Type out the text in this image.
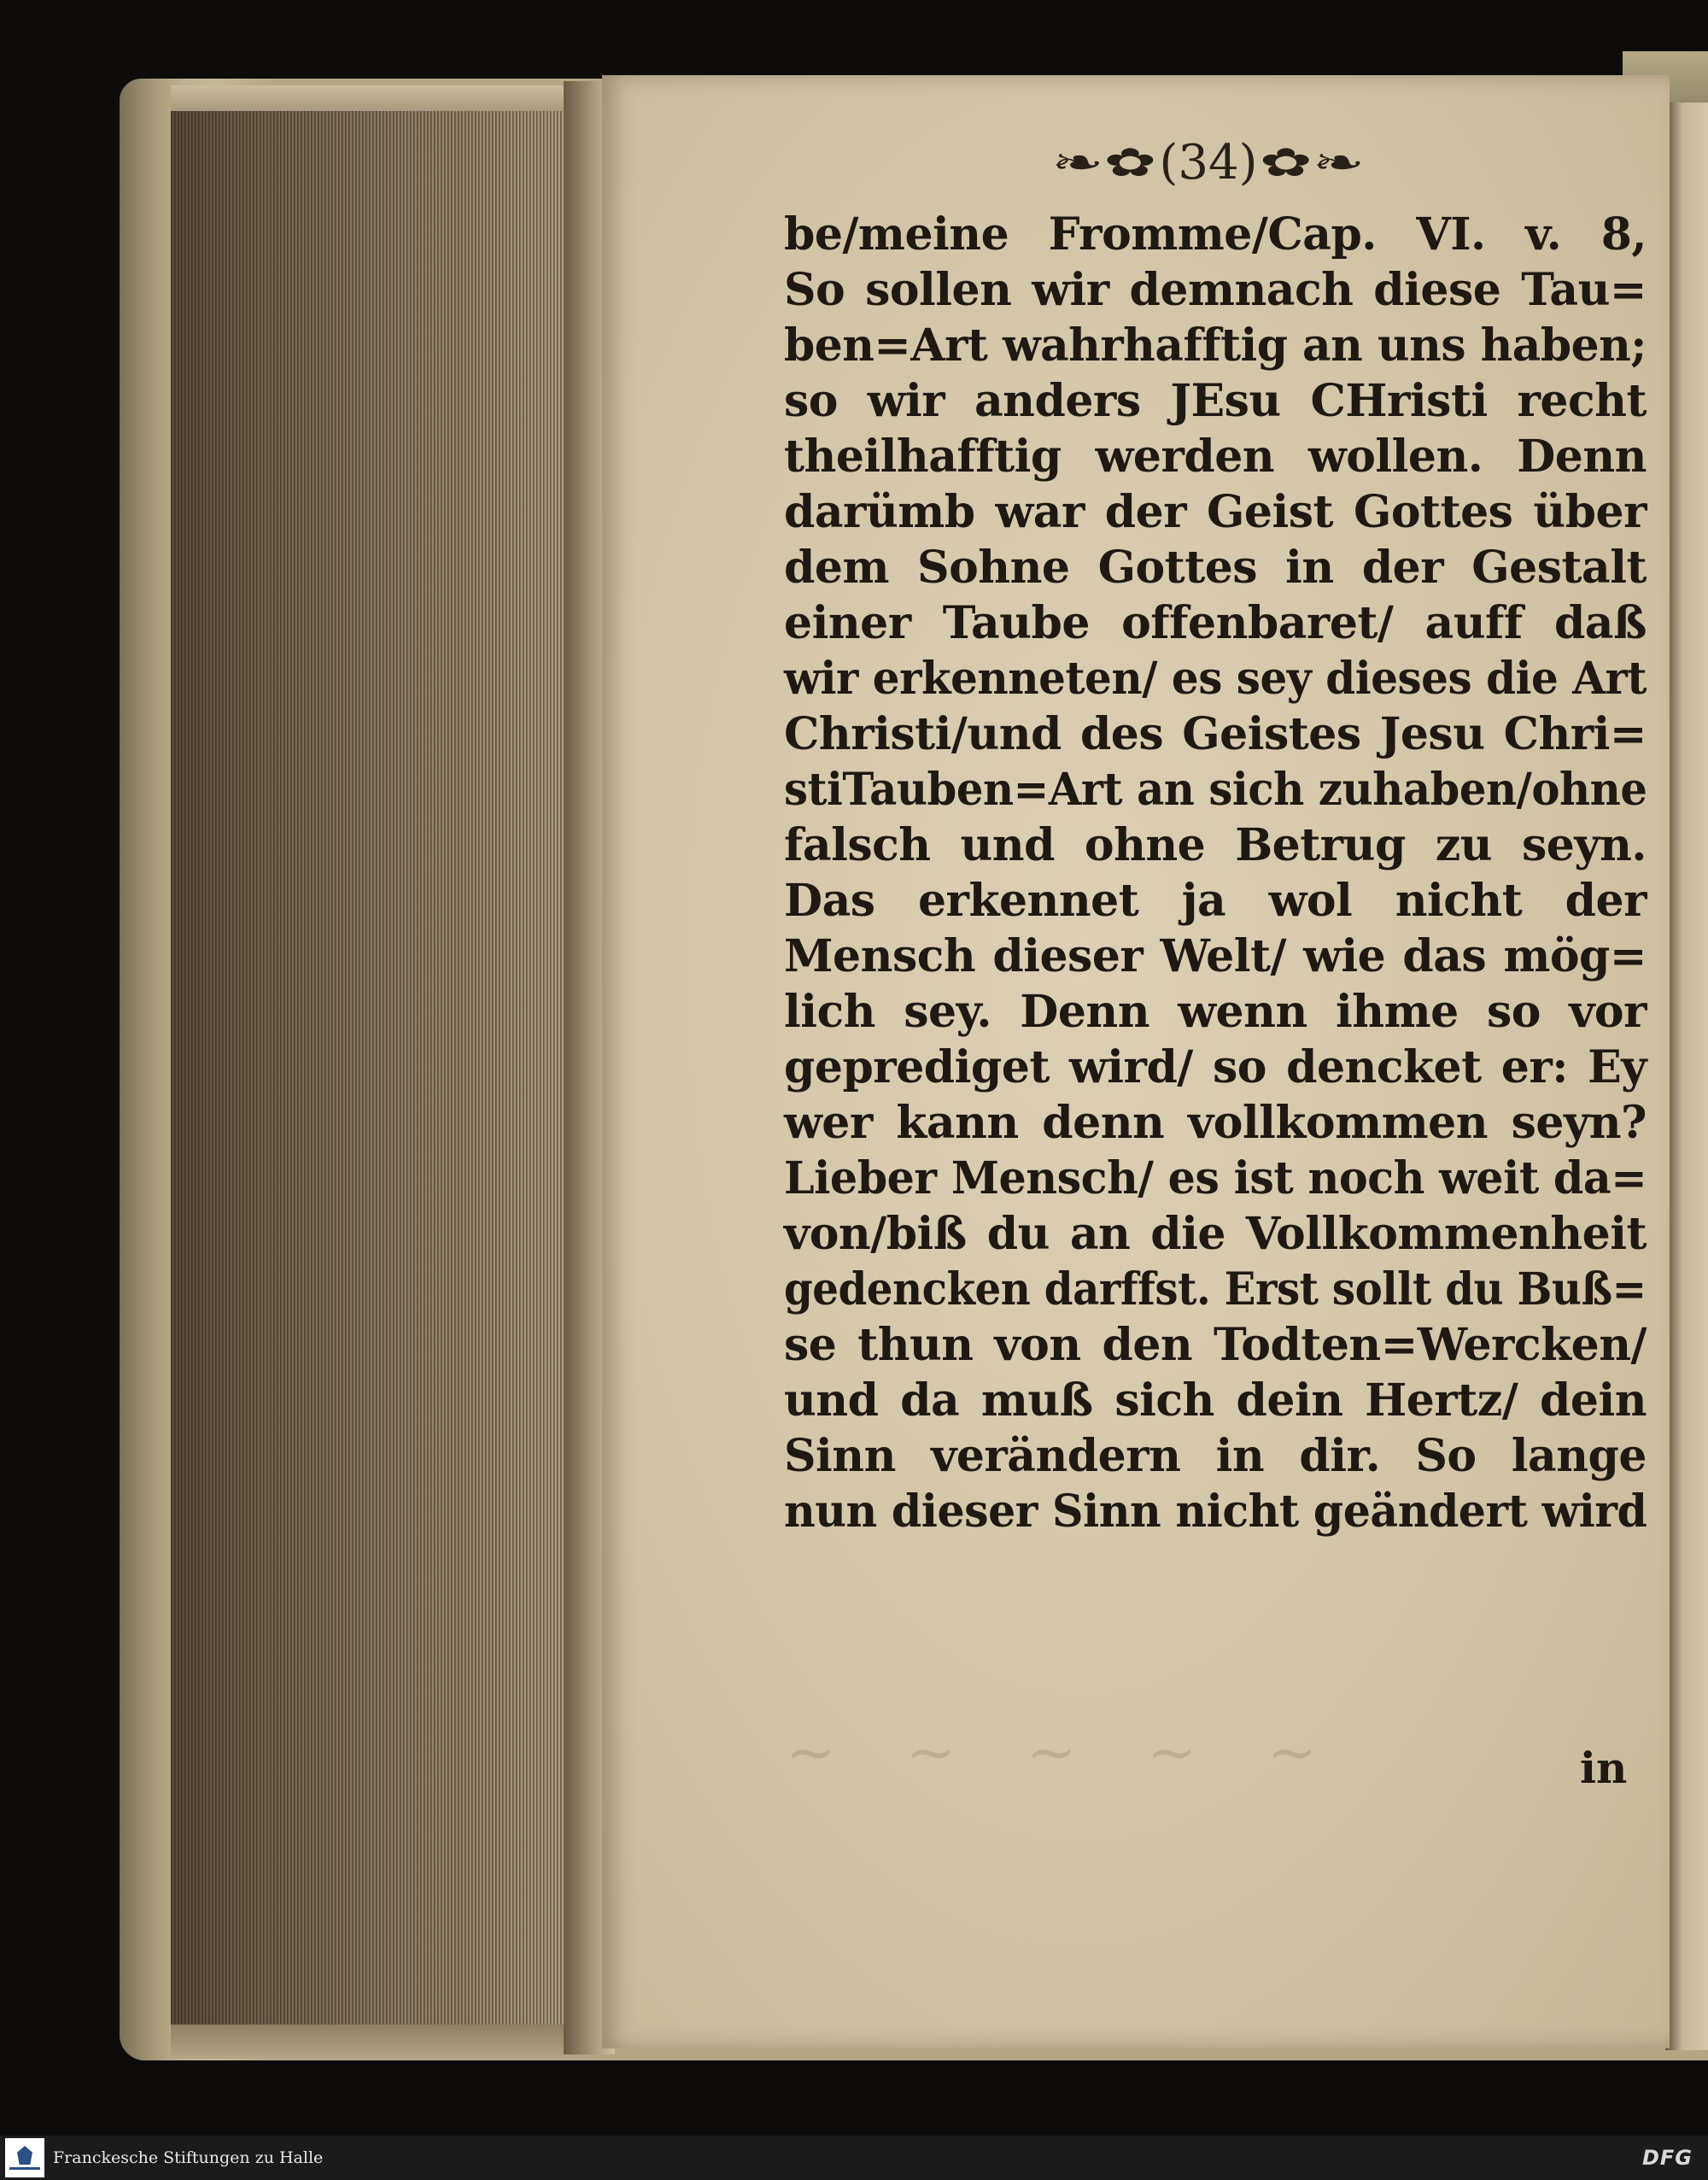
~ ~ ~ ~ ~
❧✿ (34) ✿❧
be/meine Fromme/Cap. VI. v. 8,
So sollen wir demnach diese Tau=
ben=Art wahrhafftig an uns haben;
so wir anders JEsu CHristi recht
theilhafftig werden wollen. Denn
darümb war der Geist Gottes über
dem Sohne Gottes in der Gestalt
einer Taube offenbaret/ auff daß
wir erkenneten/ es sey dieses die Art
Christi/und des Geistes Jesu Chri=
stiTauben=Art an sich zuhaben/ohne
falsch und ohne Betrug zu seyn.
Das erkennet ja wol nicht der
Mensch dieser Welt/ wie das mög=
lich sey. Denn wenn ihme so vor
geprediget wird/ so dencket er: Ey
wer kann denn vollkommen seyn?
Lieber Mensch/ es ist noch weit da=
von/biß du an die Vollkommenheit
gedencken darffst. Erst sollt du Buß=
se thun von den Todten=Wercken/
und da muß sich dein Hertz/ dein
Sinn verändern in dir. So lange
nun dieser Sinn nicht geändert wird
in
Franckesche Stiftungen zu Halle	DFG
